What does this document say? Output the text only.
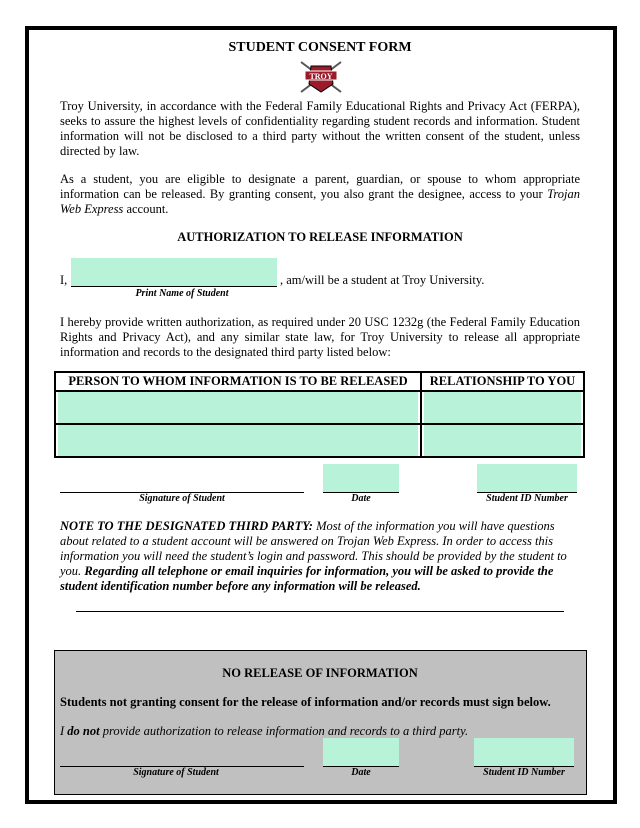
STUDENT CONSENT FORM
TROY
Troy University, in accordance with the Federal Family Educational Rights and Privacy Act (FERPA), seeks to assure the highest levels of confidentiality regarding student records and information. Student information will not be disclosed to a third party without the written consent of the student, unless directed by law.
As a student, you are eligible to designate a parent, guardian, or spouse to whom appropriate information can be released. By granting consent, you also grant the designee, access to your Trojan Web Express account.
AUTHORIZATION TO RELEASE INFORMATION
I,	, am/will be a student at Troy University.
Print Name of Student
I hereby provide written authorization, as required under 20 USC 1232g (the Federal Family Education Rights and Privacy Act), and any similar state law, for Troy University to release all appropriate information and records to the designated third party listed below:
PERSON TO WHOM INFORMATION IS TO BE RELEASED	RELATIONSHIP TO YOU

Signature of Student	Date	Student ID Number
NOTE TO THE DESIGNATED THIRD PARTY: Most of the information you will have questions about related to a student account will be answered on Trojan Web Express. In order to access this information you will need the student’s login and password. This should be provided by the student to you. Regarding all telephone or email inquiries for information, you will be asked to provide the student identification number before any information will be released.
NO RELEASE OF INFORMATION
Students not granting consent for the release of information and/or records must sign below.
I do not provide authorization to release information and records to a third party.
Signature of Student	Date	Student ID Number
